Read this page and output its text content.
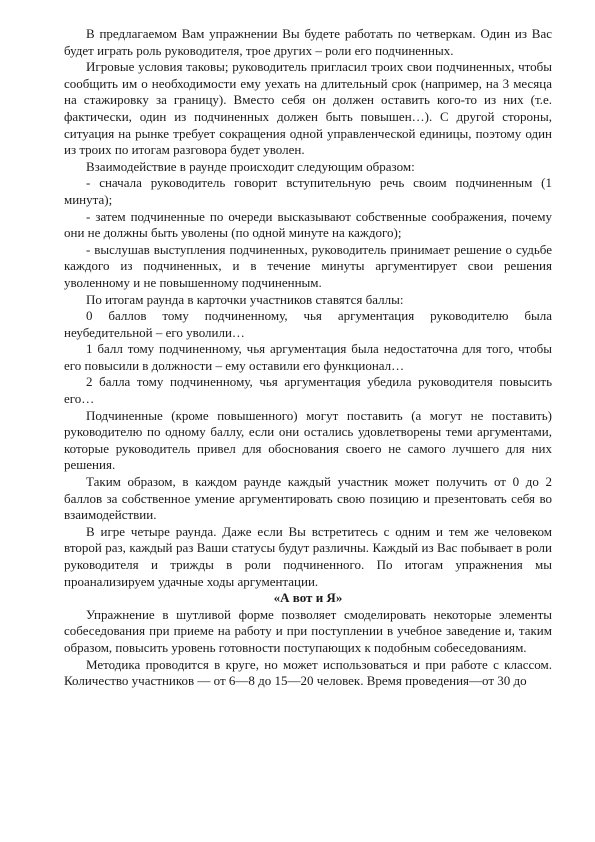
В предлагаемом Вам упражнении Вы будете работать по четверкам. Один из Вас будет играть роль руководителя, трое других – роли его подчиненных.

Игровые условия таковы; руководитель пригласил троих свои подчиненных, чтобы сообщить им о необходимости ему уехать на длительный срок (например, на 3 месяца на стажировку за границу). Вместо себя он должен оставить кого-то из них (т.е. фактически, один из подчиненных должен быть повышен…). С другой стороны, ситуация на рынке требует сокращения одной управленческой единицы, поэтому один из троих по итогам разговора будет уволен.

Взаимодействие в раунде происходит следующим образом:

- сначала руководитель говорит вступительную речь своим подчиненным (1 минута);

- затем подчиненные по очереди высказывают собственные соображения, почему они не должны быть уволены (по одной минуте на каждого);

- выслушав выступления подчиненных, руководитель принимает решение о судьбе каждого из подчиненных, и в течение минуты аргументирует свои решения уволенному и не повышенному подчиненным.

По итогам раунда в карточки участников ставятся баллы:

0 баллов тому подчиненному, чья аргументация руководителю была неубедительной – его уволили…

1 балл тому подчиненному, чья аргументация была недостаточна для того, чтобы его повысили в должности – ему оставили его функционал…

2 балла тому подчиненному, чья аргументация убедила руководителя повысить его…

Подчиненные (кроме повышенного) могут поставить (а могут не поставить) руководителю по одному баллу, если они остались удовлетворены теми аргументами, которые руководитель привел для обоснования своего не самого лучшего для них решения.

Таким образом, в каждом раунде каждый участник может получить от 0 до 2 баллов за собственное умение аргументировать свою позицию и презентовать себя во взаимодействии.

В игре четыре раунда. Даже если Вы встретитесь с одним и тем же человеком второй раз, каждый раз Ваши статусы будут различны. Каждый из Вас побывает в роли руководителя и трижды в роли подчиненного. По итогам упражнения мы проанализируем удачные ходы аргументации.

«А вот и Я»

Упражнение в шутливой форме позволяет смоделировать некоторые элементы собеседования при приеме на работу и при поступлении в учебное заведение и, таким образом, повысить уровень готовности поступающих к подобным собеседованиям.

Методика проводится в круге, но может использоваться и при работе с классом. Количество участников — от 6—8 до 15—20 человек. Время проведения—от 30 до
